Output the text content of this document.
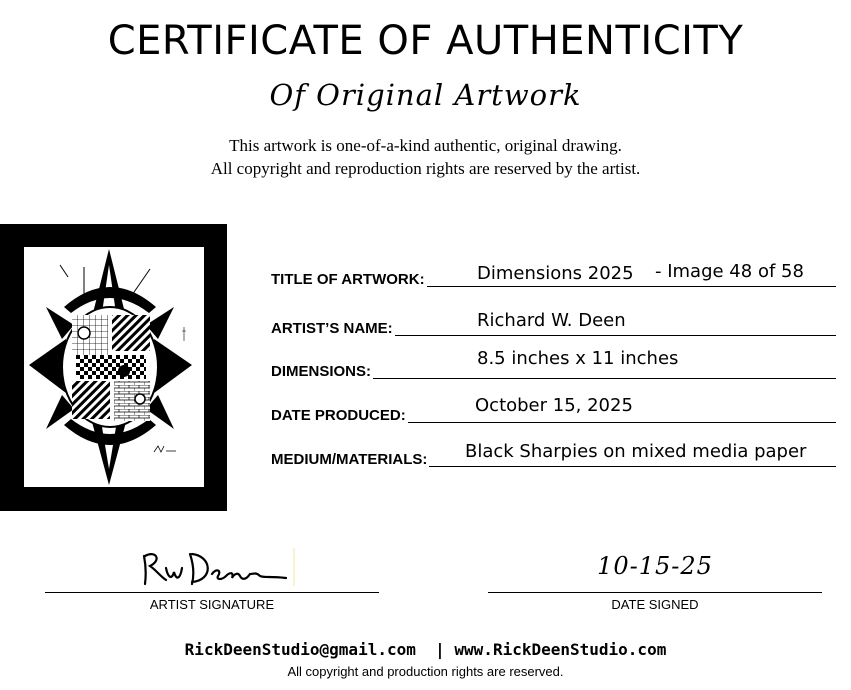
CERTIFICATE OF AUTHENTICITY
Of Original Artwork
This artwork is one-of-a-kind authentic, original drawing.
All copyright and reproduction rights are reserved by the artist.
TITLE OF ARTWORK:	Dimensions 2025 - Image 48 of 58
ARTIST’S NAME:	Richard W. Deen
DIMENSIONS:
8.5 inches x 11 inches
DATE PRODUCED:	October 15, 2025
MEDIUM/MATERIALS: Black Sharpies on mixed media paper
ARTIST SIGNATURE
10-15-25
DATE SIGNED
RickDeenStudio@gmail.com | www.RickDeenStudio.com
All copyright and production rights are reserved.
